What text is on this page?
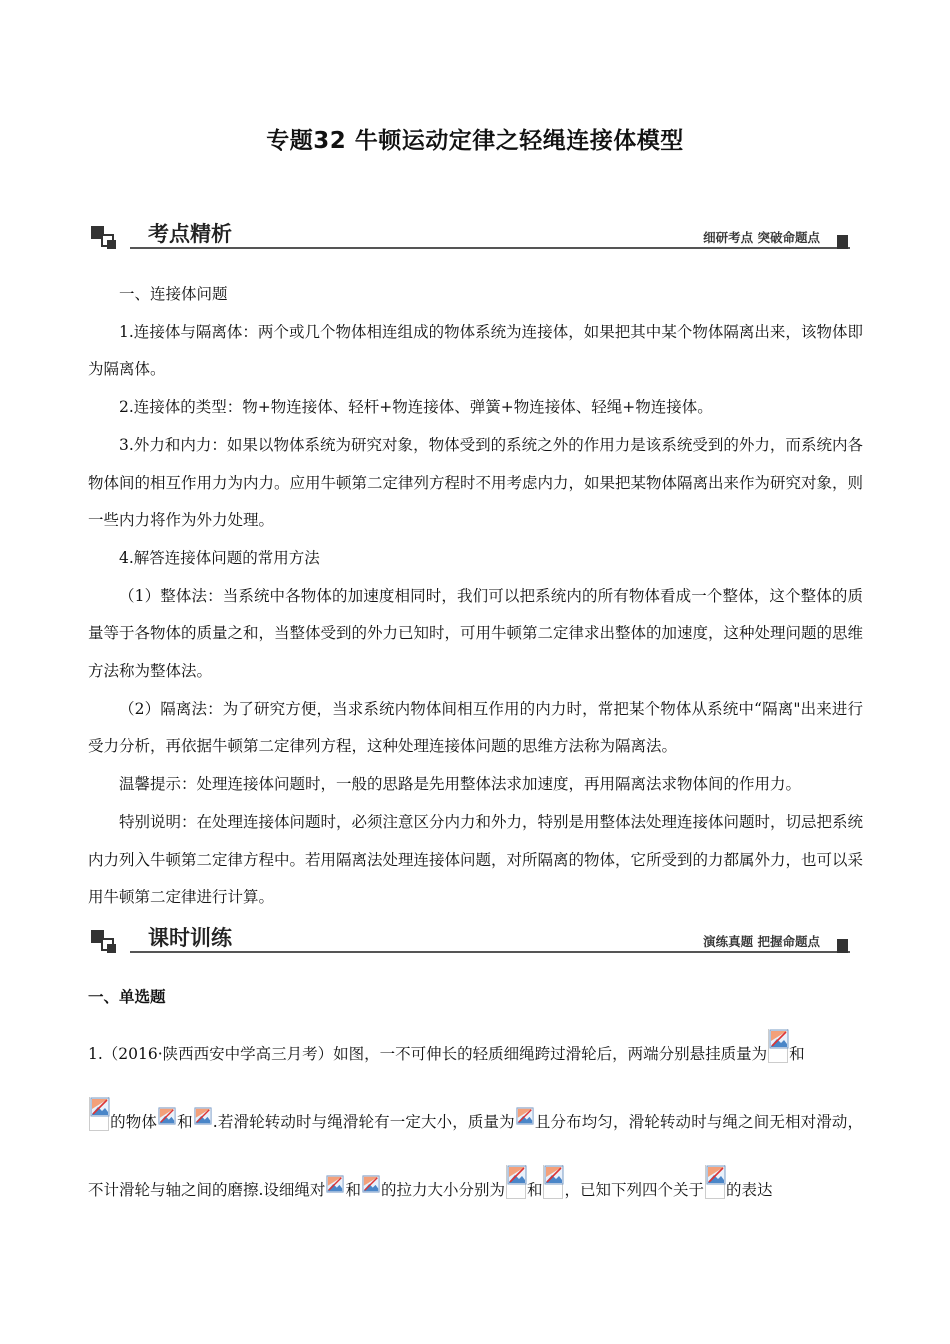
专题32 牛顿运动定律之轻绳连接体模型
考点精析	细研考点 突破命题点

一、连接体问题

1.连接体与隔离体：两个或几个物体相连组成的物体系统为连接体，如果把其中某个物体隔离出来，该物体即为隔离体。

2.连接体的类型：物+物连接体、轻杆+物连接体、弹簧+物连接体、轻绳+物连接体。

3.外力和内力：如果以物体系统为研究对象，物体受到的系统之外的作用力是该系统受到的外力，而系统内各物体间的相互作用力为内力。应用牛顿第二定律列方程时不用考虑内力，如果把某物体隔离出来作为研究对象，则一些内力将作为外力处理。

4.解答连接体问题的常用方法

（1）整体法：当系统中各物体的加速度相同时，我们可以把系统内的所有物体看成一个整体，这个整体的质量等于各物体的质量之和，当整体受到的外力已知时，可用牛顿第二定律求出整体的加速度，这种处理问题的思维方法称为整体法。

（2）隔离法：为了研究方便，当求系统内物体间相互作用的内力时，常把某个物体从系统中“隔离"出来进行受力分析，再依据牛顿第二定律列方程，这种处理连接体问题的思维方法称为隔离法。

温馨提示：处理连接体问题时，一般的思路是先用整体法求加速度，再用隔离法求物体间的作用力。

特别说明：在处理连接体问题时，必须注意区分内力和外力，特别是用整体法处理连接体问题时，切忌把系统内力列入牛顿第二定律方程中。若用隔离法处理连接体问题，对所隔离的物体，它所受到的力都属外力，也可以采用牛顿第二定律进行计算。

课时训练	演练真题 把握命题点
一、单选题
1.（2016·陕西西安中学高三月考）如图，一不可伸长的轻质细绳跨过滑轮后，两端分别悬挂质量为 和

的物体 和 .若滑轮转动时与绳滑轮有一定大小，质量为 且分布均匀，滑轮转动时与绳之间无相对滑动，不计滑轮与轴之间的磨擦.设细绳对 和 的拉力大小分别为 和 ，已知下列四个关于 的表达
